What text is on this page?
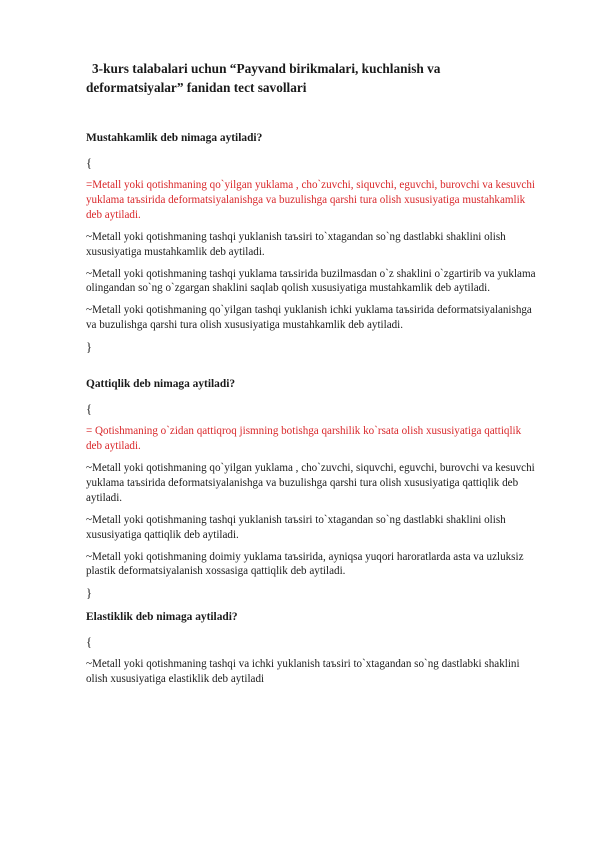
3-kurs talabalari uchun “Payvand birikmalari, kuchlanish va
deformatsiyalar” fanidan tect savollari
Mustahkamlik deb nimaga aytiladi?
{
=Metall yoki qotishmaning qo`yilgan yuklama , cho`zuvchi, siquvchi, eguvchi, burovchi va kesuvchi yuklama taъsirida deformatsiyalanishga va buzulishga qarshi tura olish xususiyatiga mustahkamlik deb aytiladi.
~Metall yoki qotishmaning tashqi yuklanish taъsiri to`xtagandan so`ng dastlabki shaklini olish xususiyatiga mustahkamlik deb aytiladi.
~Metall yoki qotishmaning tashqi yuklama taъsirida buzilmasdan o`z shaklini o`zgartirib va yuklama olingandan so`ng o`zgargan shaklini saqlab qolish xususiyatiga mustahkamlik deb aytiladi.
~Metall yoki qotishmaning qo`yilgan tashqi yuklanish ichki yuklama taъsirida deformatsiyalanishga va buzulishga qarshi tura olish xususiyatiga mustahkamlik deb aytiladi.
}
Qattiqlik deb nimaga aytiladi?
{
= Qotishmaning o`zidan qattiqroq jismning botishga qarshilik ko`rsata olish xususiyatiga qattiqlik deb aytiladi.
~Metall yoki qotishmaning qo`yilgan yuklama , cho`zuvchi, siquvchi, eguvchi, burovchi va kesuvchi yuklama taъsirida deformatsiyalanishga va buzulishga qarshi tura olish xususiyatiga qattiqlik deb aytiladi.
~Metall yoki qotishmaning tashqi yuklanish taъsiri to`xtagandan so`ng dastlabki shaklini olish xususiyatiga qattiqlik deb aytiladi.
~Metall yoki qotishmaning doimiy yuklama taъsirida, ayniqsa yuqori haroratlarda asta va uzluksiz plastik deformatsiyalanish xossasiga qattiqlik deb aytiladi.
}
Elastiklik deb nimaga aytiladi?
{
~Metall yoki qotishmaning tashqi va ichki yuklanish taъsiri to`xtagandan so`ng dastlabki shaklini olish xususiyatiga elastiklik deb aytiladi
